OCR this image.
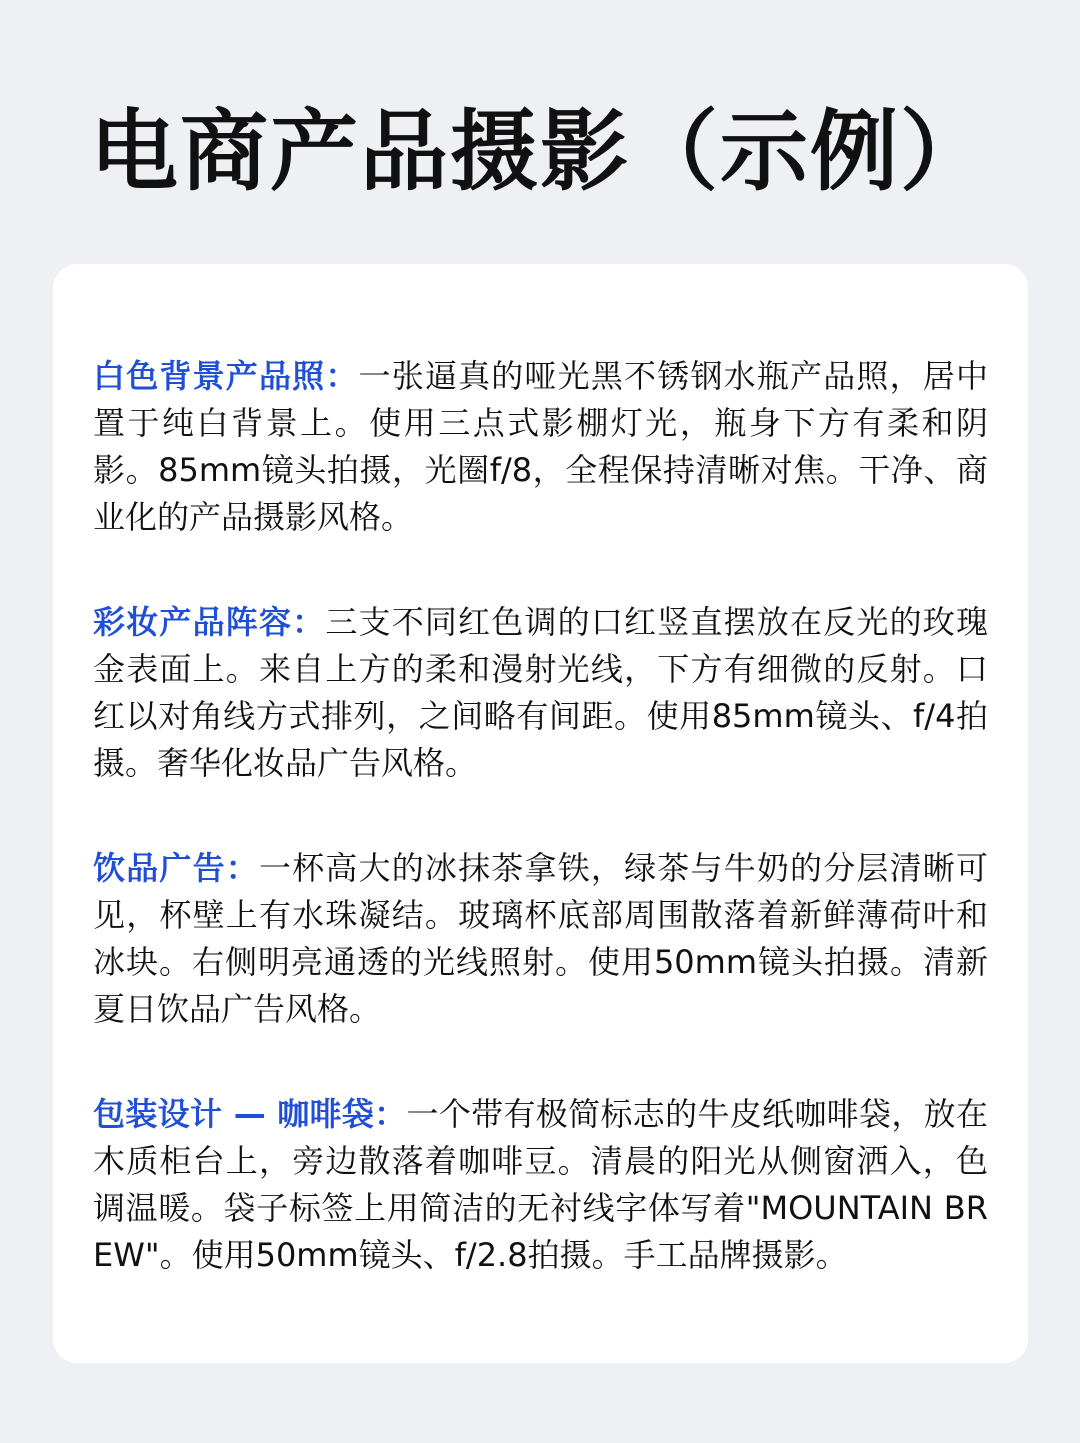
电商产品摄影（示例）

白色背景产品照：一张逼真的哑光黑不锈钢水瓶产品照，居中置于纯白背景上。使用三点式影棚灯光，瓶身下方有柔和阴影。85mm镜头拍摄，光圈f/8，全程保持清晰对焦。干净、商业化的产品摄影风格。

彩妆产品阵容：三支不同红色调的口红竖直摆放在反光的玫瑰金表面上。来自上方的柔和漫射光线，下方有细微的反射。口红以对角线方式排列，之间略有间距。使用85mm镜头、f/4拍摄。奢华化妆品广告风格。

饮品广告：一杯高大的冰抹茶拿铁，绿茶与牛奶的分层清晰可见，杯壁上有水珠凝结。玻璃杯底部周围散落着新鲜薄荷叶和冰块。右侧明亮通透的光线照射。使用50mm镜头拍摄。清新夏日饮品广告风格。

包装设计 — 咖啡袋：一个带有极简标志的牛皮纸咖啡袋，放在木质柜台上，旁边散落着咖啡豆。清晨的阳光从侧窗洒入，色调温暖。袋子标签上用简洁的无衬线字体写着"MOUNTAIN BREW"。使用50mm镜头、f/2.8拍摄。手工品牌摄影。
